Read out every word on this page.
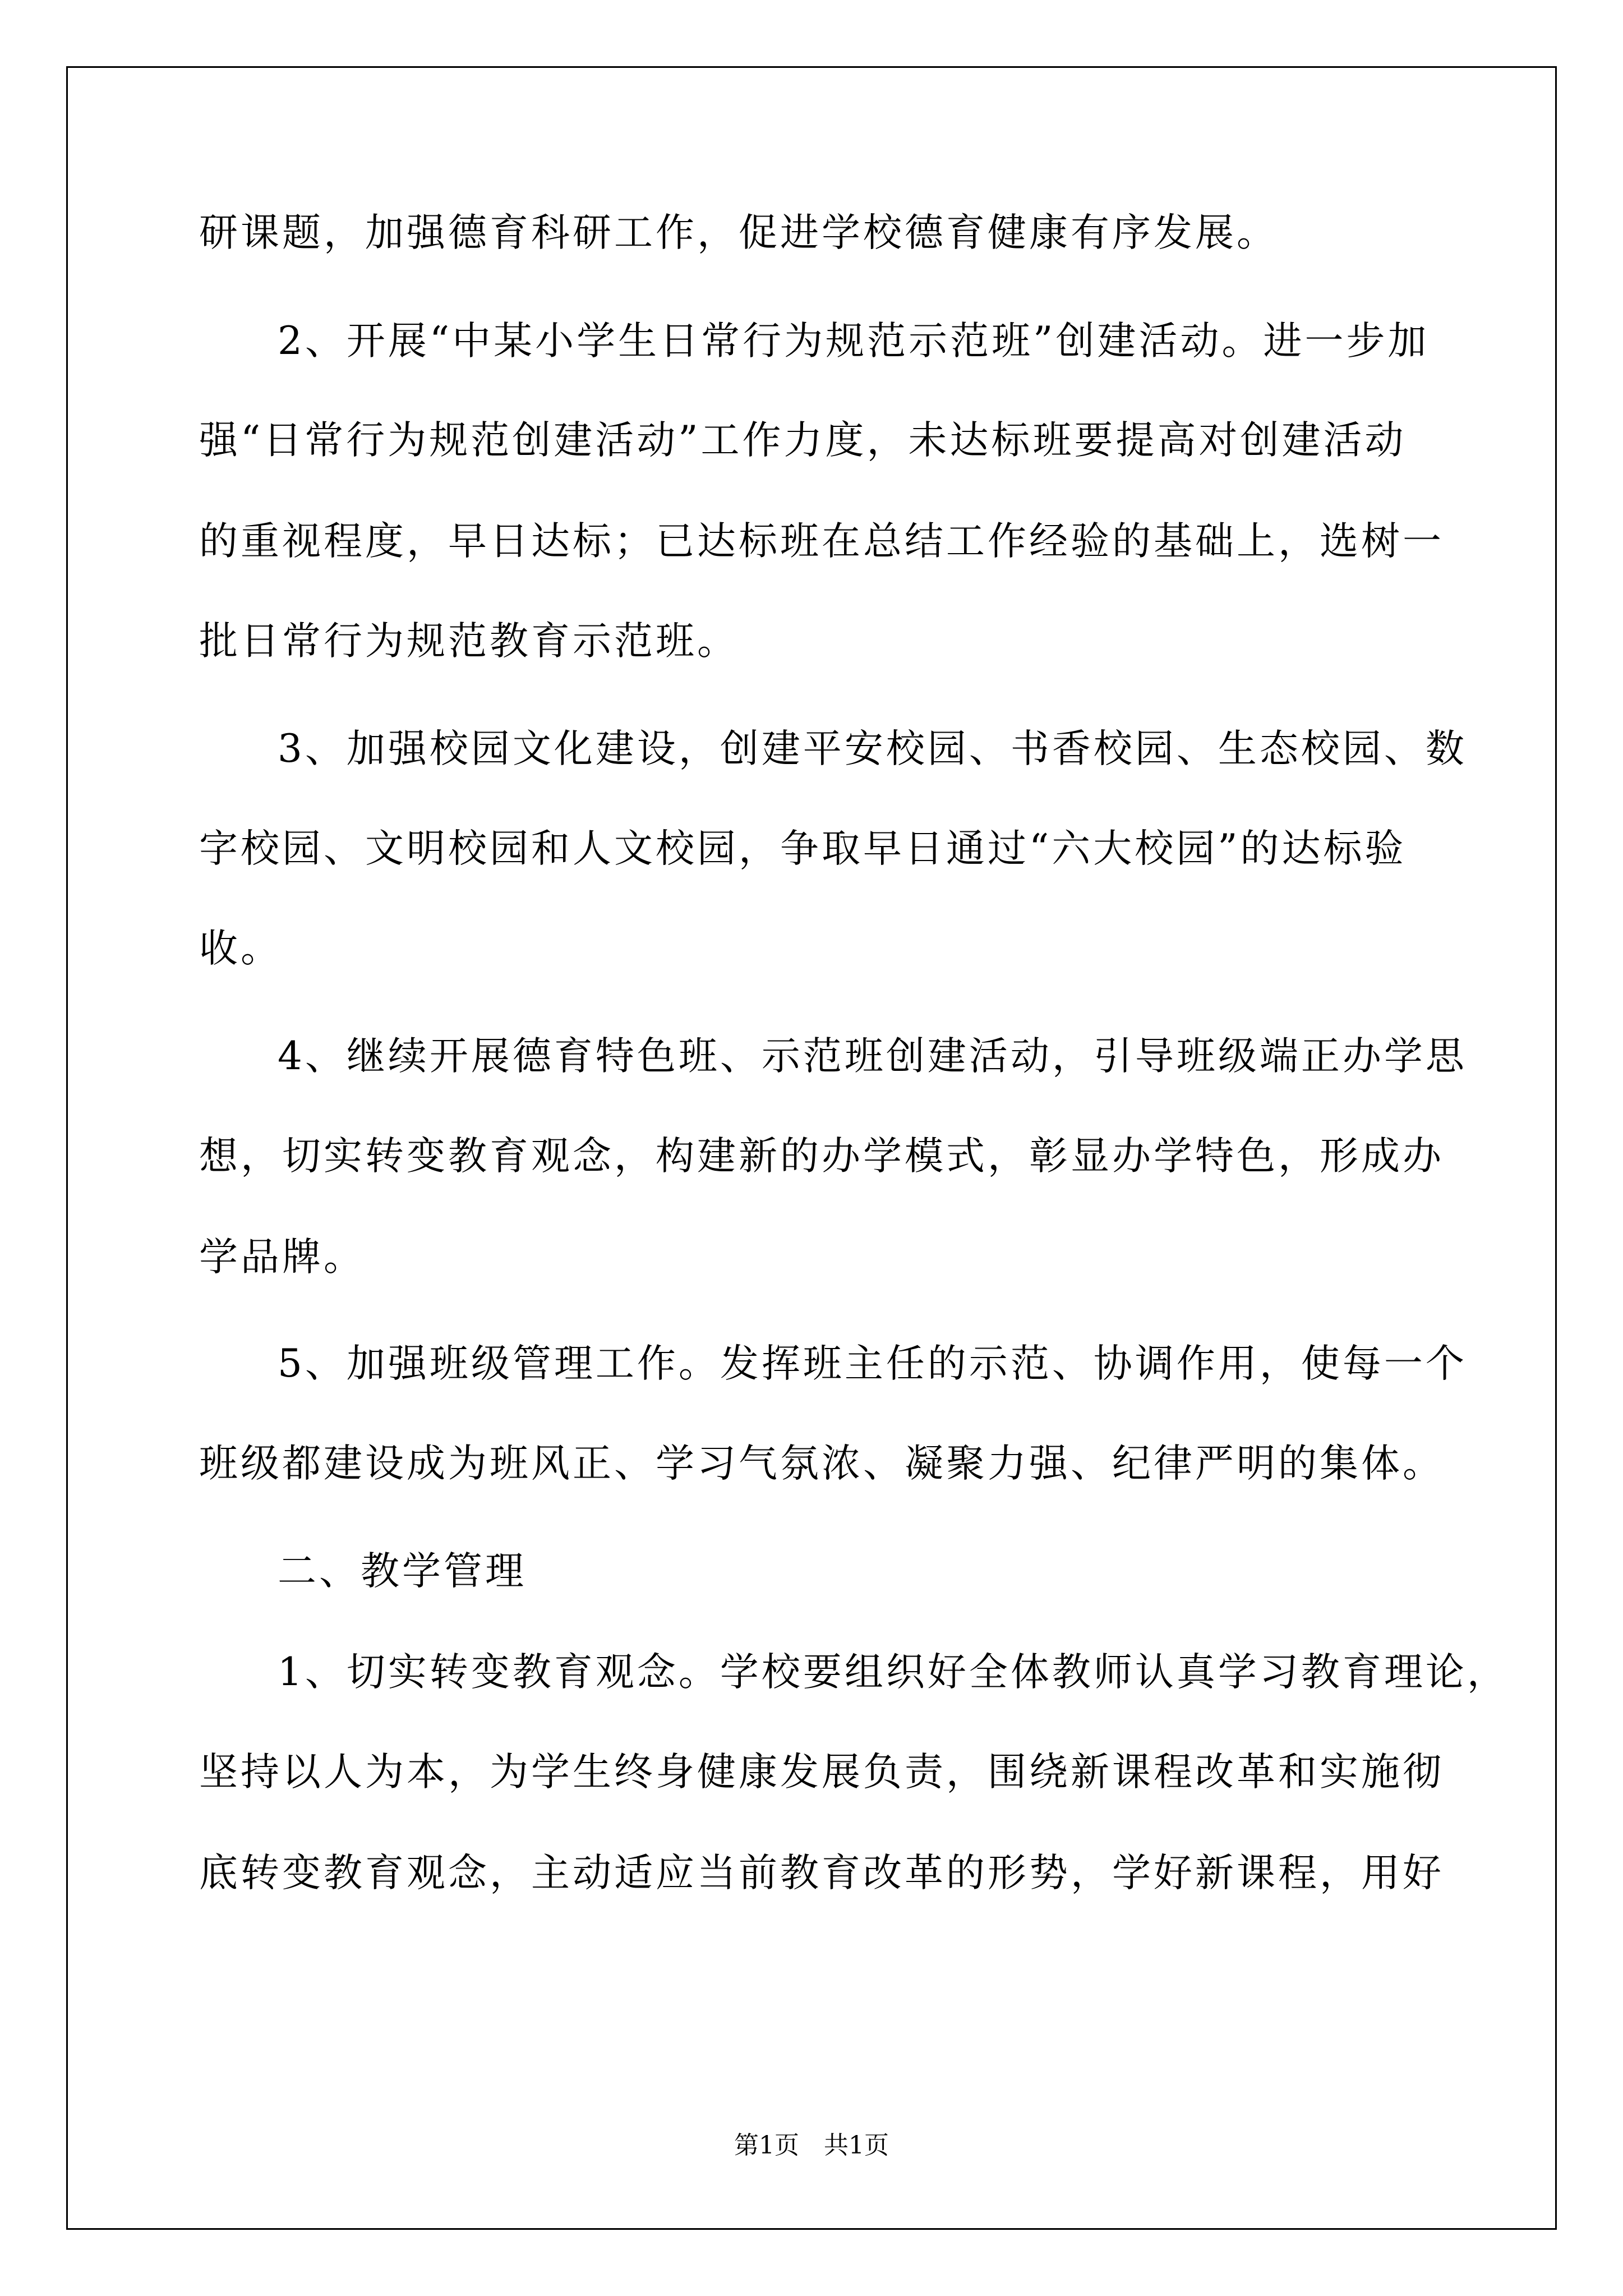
研课题，加强德育科研工作，促进学校德育健康有序发展。
2、开展“中某小学生日常行为规范示范班”创建活动。进一步加
强“日常行为规范创建活动”工作力度，未达标班要提高对创建活动
的重视程度，早日达标；已达标班在总结工作经验的基础上，选树一
批日常行为规范教育示范班。
3、加强校园文化建设，创建平安校园、书香校园、生态校园、数
字校园、文明校园和人文校园，争取早日通过“六大校园”的达标验
收。
4、继续开展德育特色班、示范班创建活动，引导班级端正办学思
想，切实转变教育观念，构建新的办学模式，彰显办学特色，形成办
学品牌。
5、加强班级管理工作。发挥班主任的示范、协调作用，使每一个
班级都建设成为班风正、学习气氛浓、凝聚力强、纪律严明的集体。
二、教学管理
1、切实转变教育观念。学校要组织好全体教师认真学习教育理论，
坚持以人为本，为学生终身健康发展负责，围绕新课程改革和实施彻
底转变教育观念，主动适应当前教育改革的形势，学好新课程，用好
第1页　共1页
